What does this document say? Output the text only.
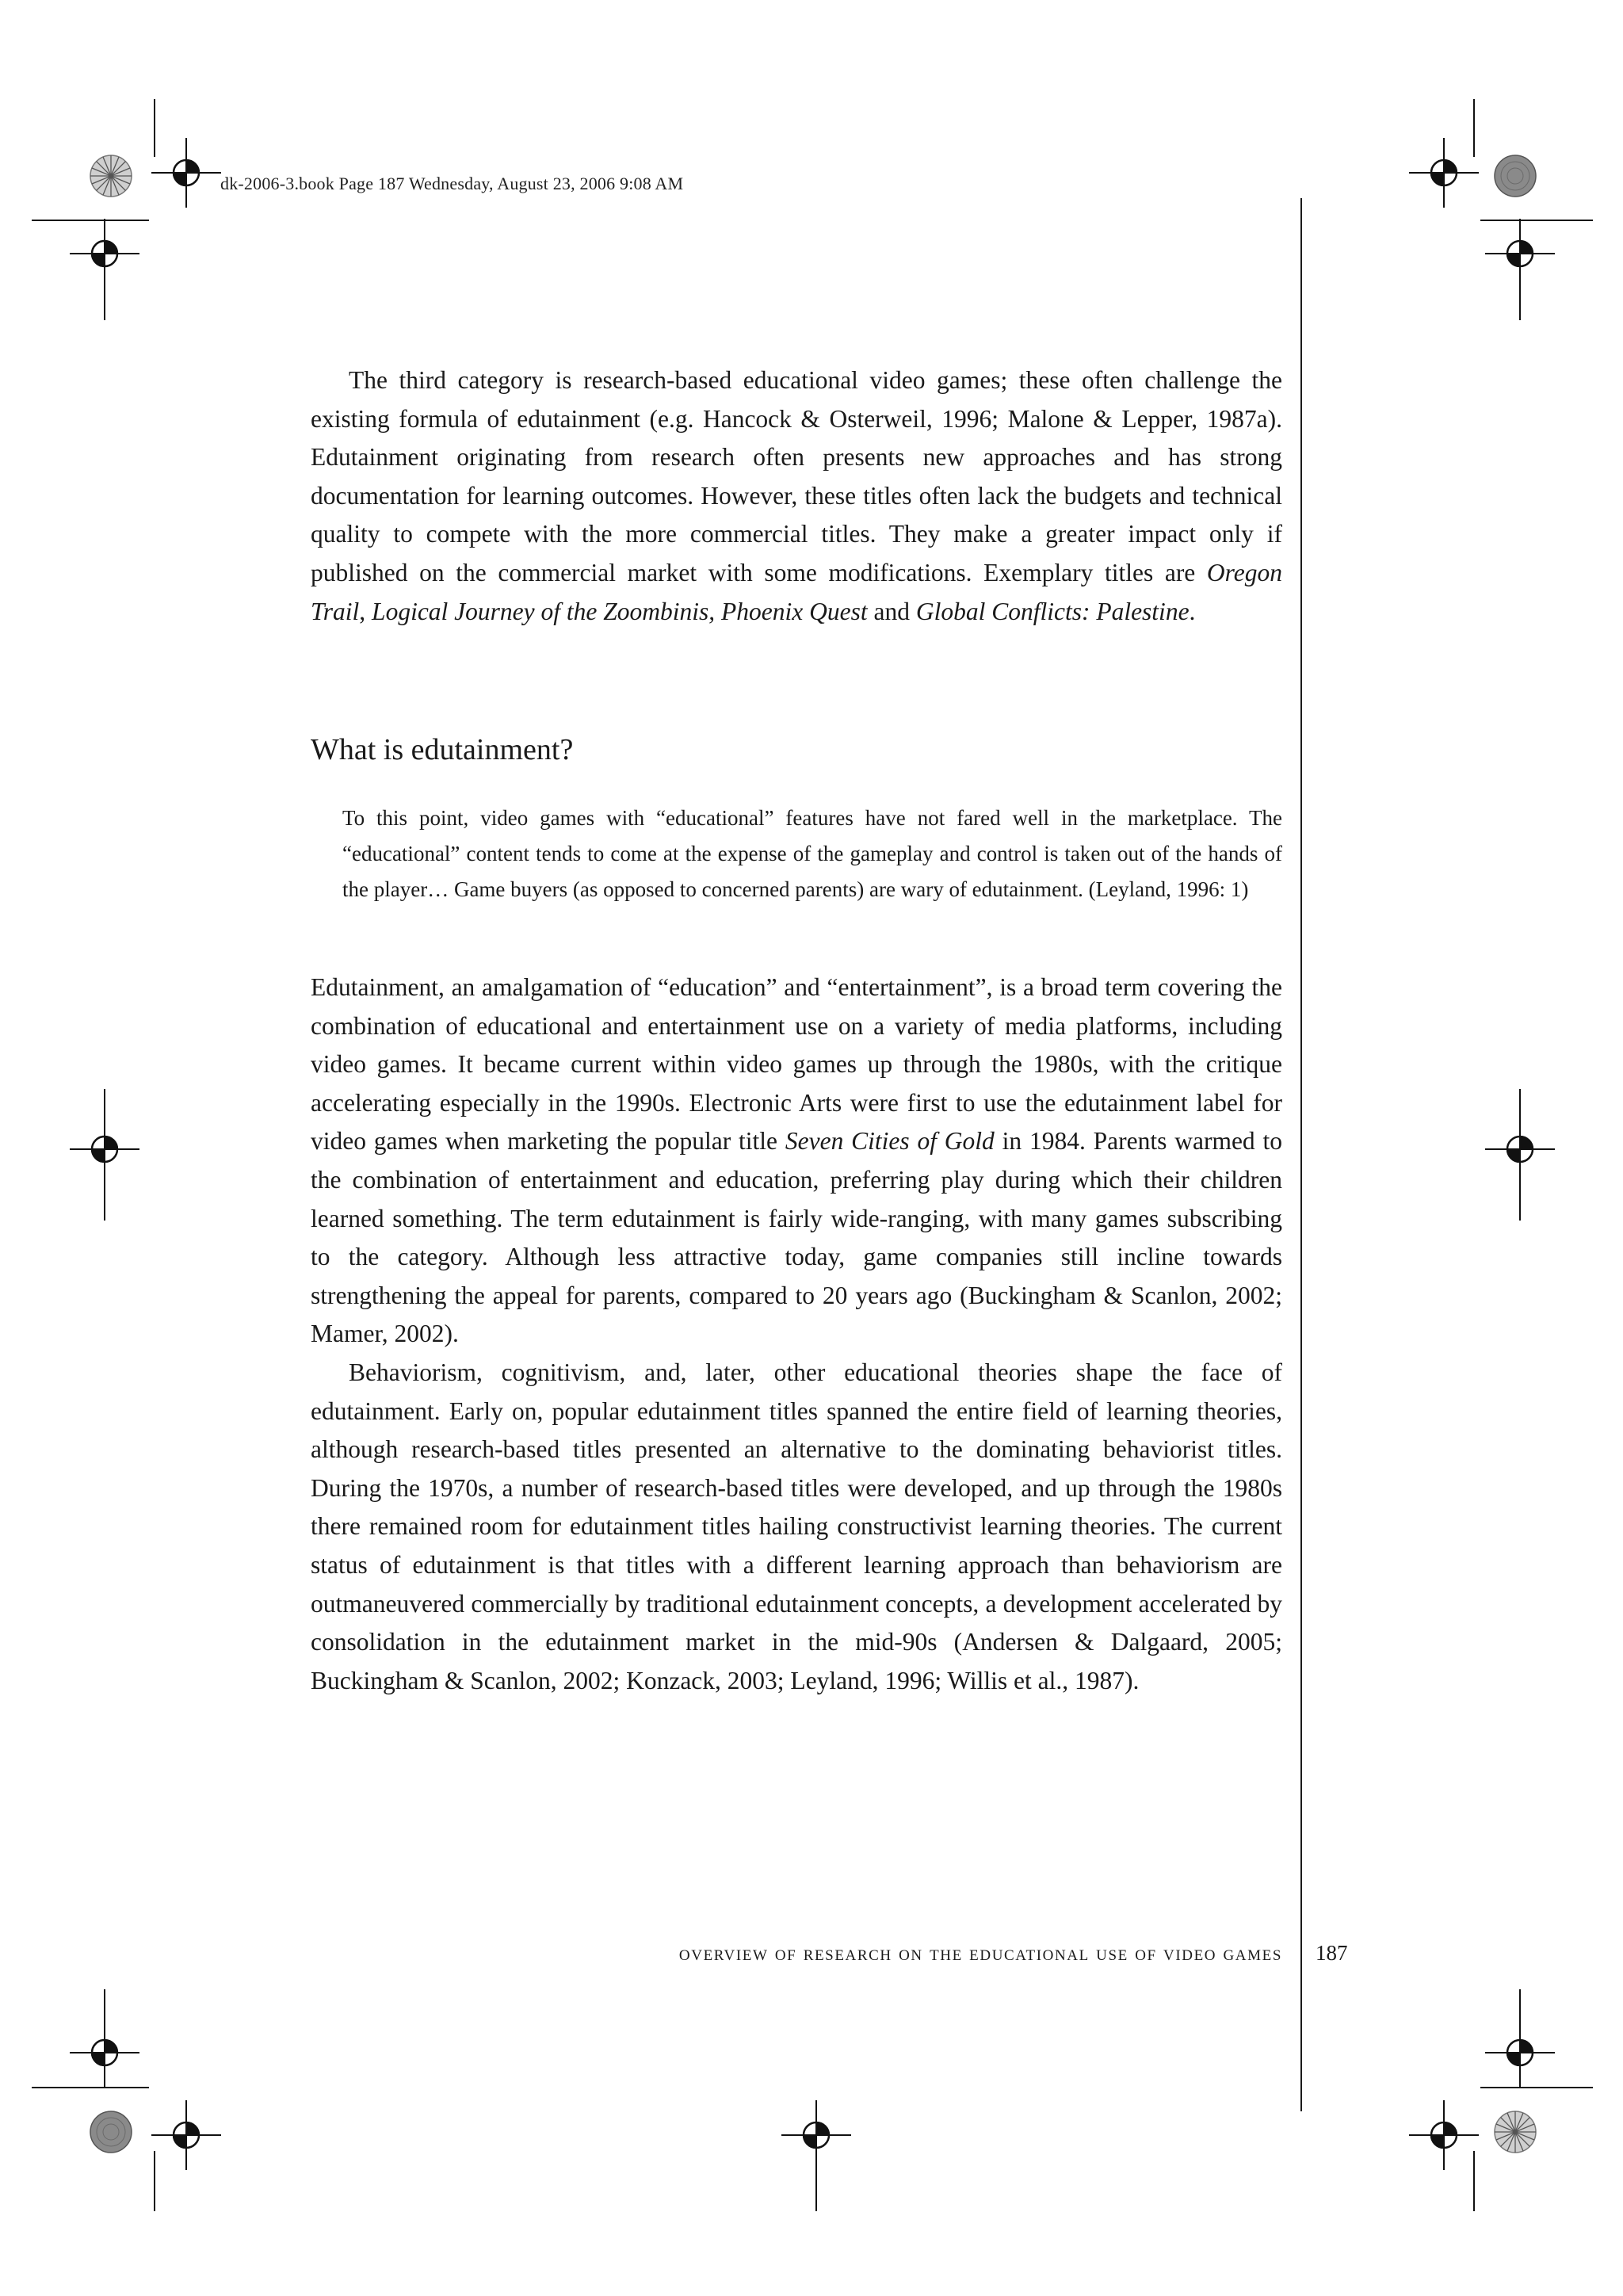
dk-2006-3.book Page 187 Wednesday, August 23, 2006 9:08 AM

The third category is research-based educational video games; these often challenge the existing formula of edutainment (e.g. Hancock & Osterweil, 1996; Malone & Lepper, 1987a). Edutainment originating from research often presents new approaches and has strong documentation for learning outcomes. However, these titles often lack the budgets and technical quality to compete with the more commercial titles. They make a greater impact only if published on the commercial market with some modifications. Exemplary titles are Oregon Trail, Logical Journey of the Zoombinis, Phoenix Quest and Global Conflicts: Palestine.

What is edutainment?

To this point, video games with “educational” features have not fared well in the marketplace. The “educational” content tends to come at the expense of the gameplay and control is taken out of the hands of the player… Game buyers (as opposed to concerned parents) are wary of edutainment. (Leyland, 1996: 1)

Edutainment, an amalgamation of “education” and “entertainment”, is a broad term covering the combination of educational and entertainment use on a variety of media platforms, including video games. It became current within video games up through the 1980s, with the critique accelerating especially in the 1990s. Electronic Arts were first to use the edutainment label for video games when marketing the popular title Seven Cities of Gold in 1984. Parents warmed to the combination of entertainment and education, preferring play during which their children learned something. The term edutainment is fairly wide-ranging, with many games subscribing to the category. Although less attractive today, game companies still incline towards strengthening the appeal for parents, compared to 20 years ago (Buckingham & Scanlon, 2002; Mamer, 2002).

Behaviorism, cognitivism, and, later, other educational theories shape the face of edutainment. Early on, popular edutainment titles spanned the entire field of learning theories, although research-based titles presented an alternative to the dominating behaviorist titles. During the 1970s, a number of research-based titles were developed, and up through the 1980s there remained room for edutainment titles hailing constructivist learning theories. The current status of edutainment is that titles with a different learning approach than behaviorism are outmaneuvered commercially by traditional edutainment concepts, a development accelerated by consolidation in the edutainment market in the mid-90s (Andersen & Dalgaard, 2005; Buckingham & Scanlon, 2002; Konzack, 2003; Leyland, 1996; Willis et al., 1987).

overview of research on the educational use of video games 187
